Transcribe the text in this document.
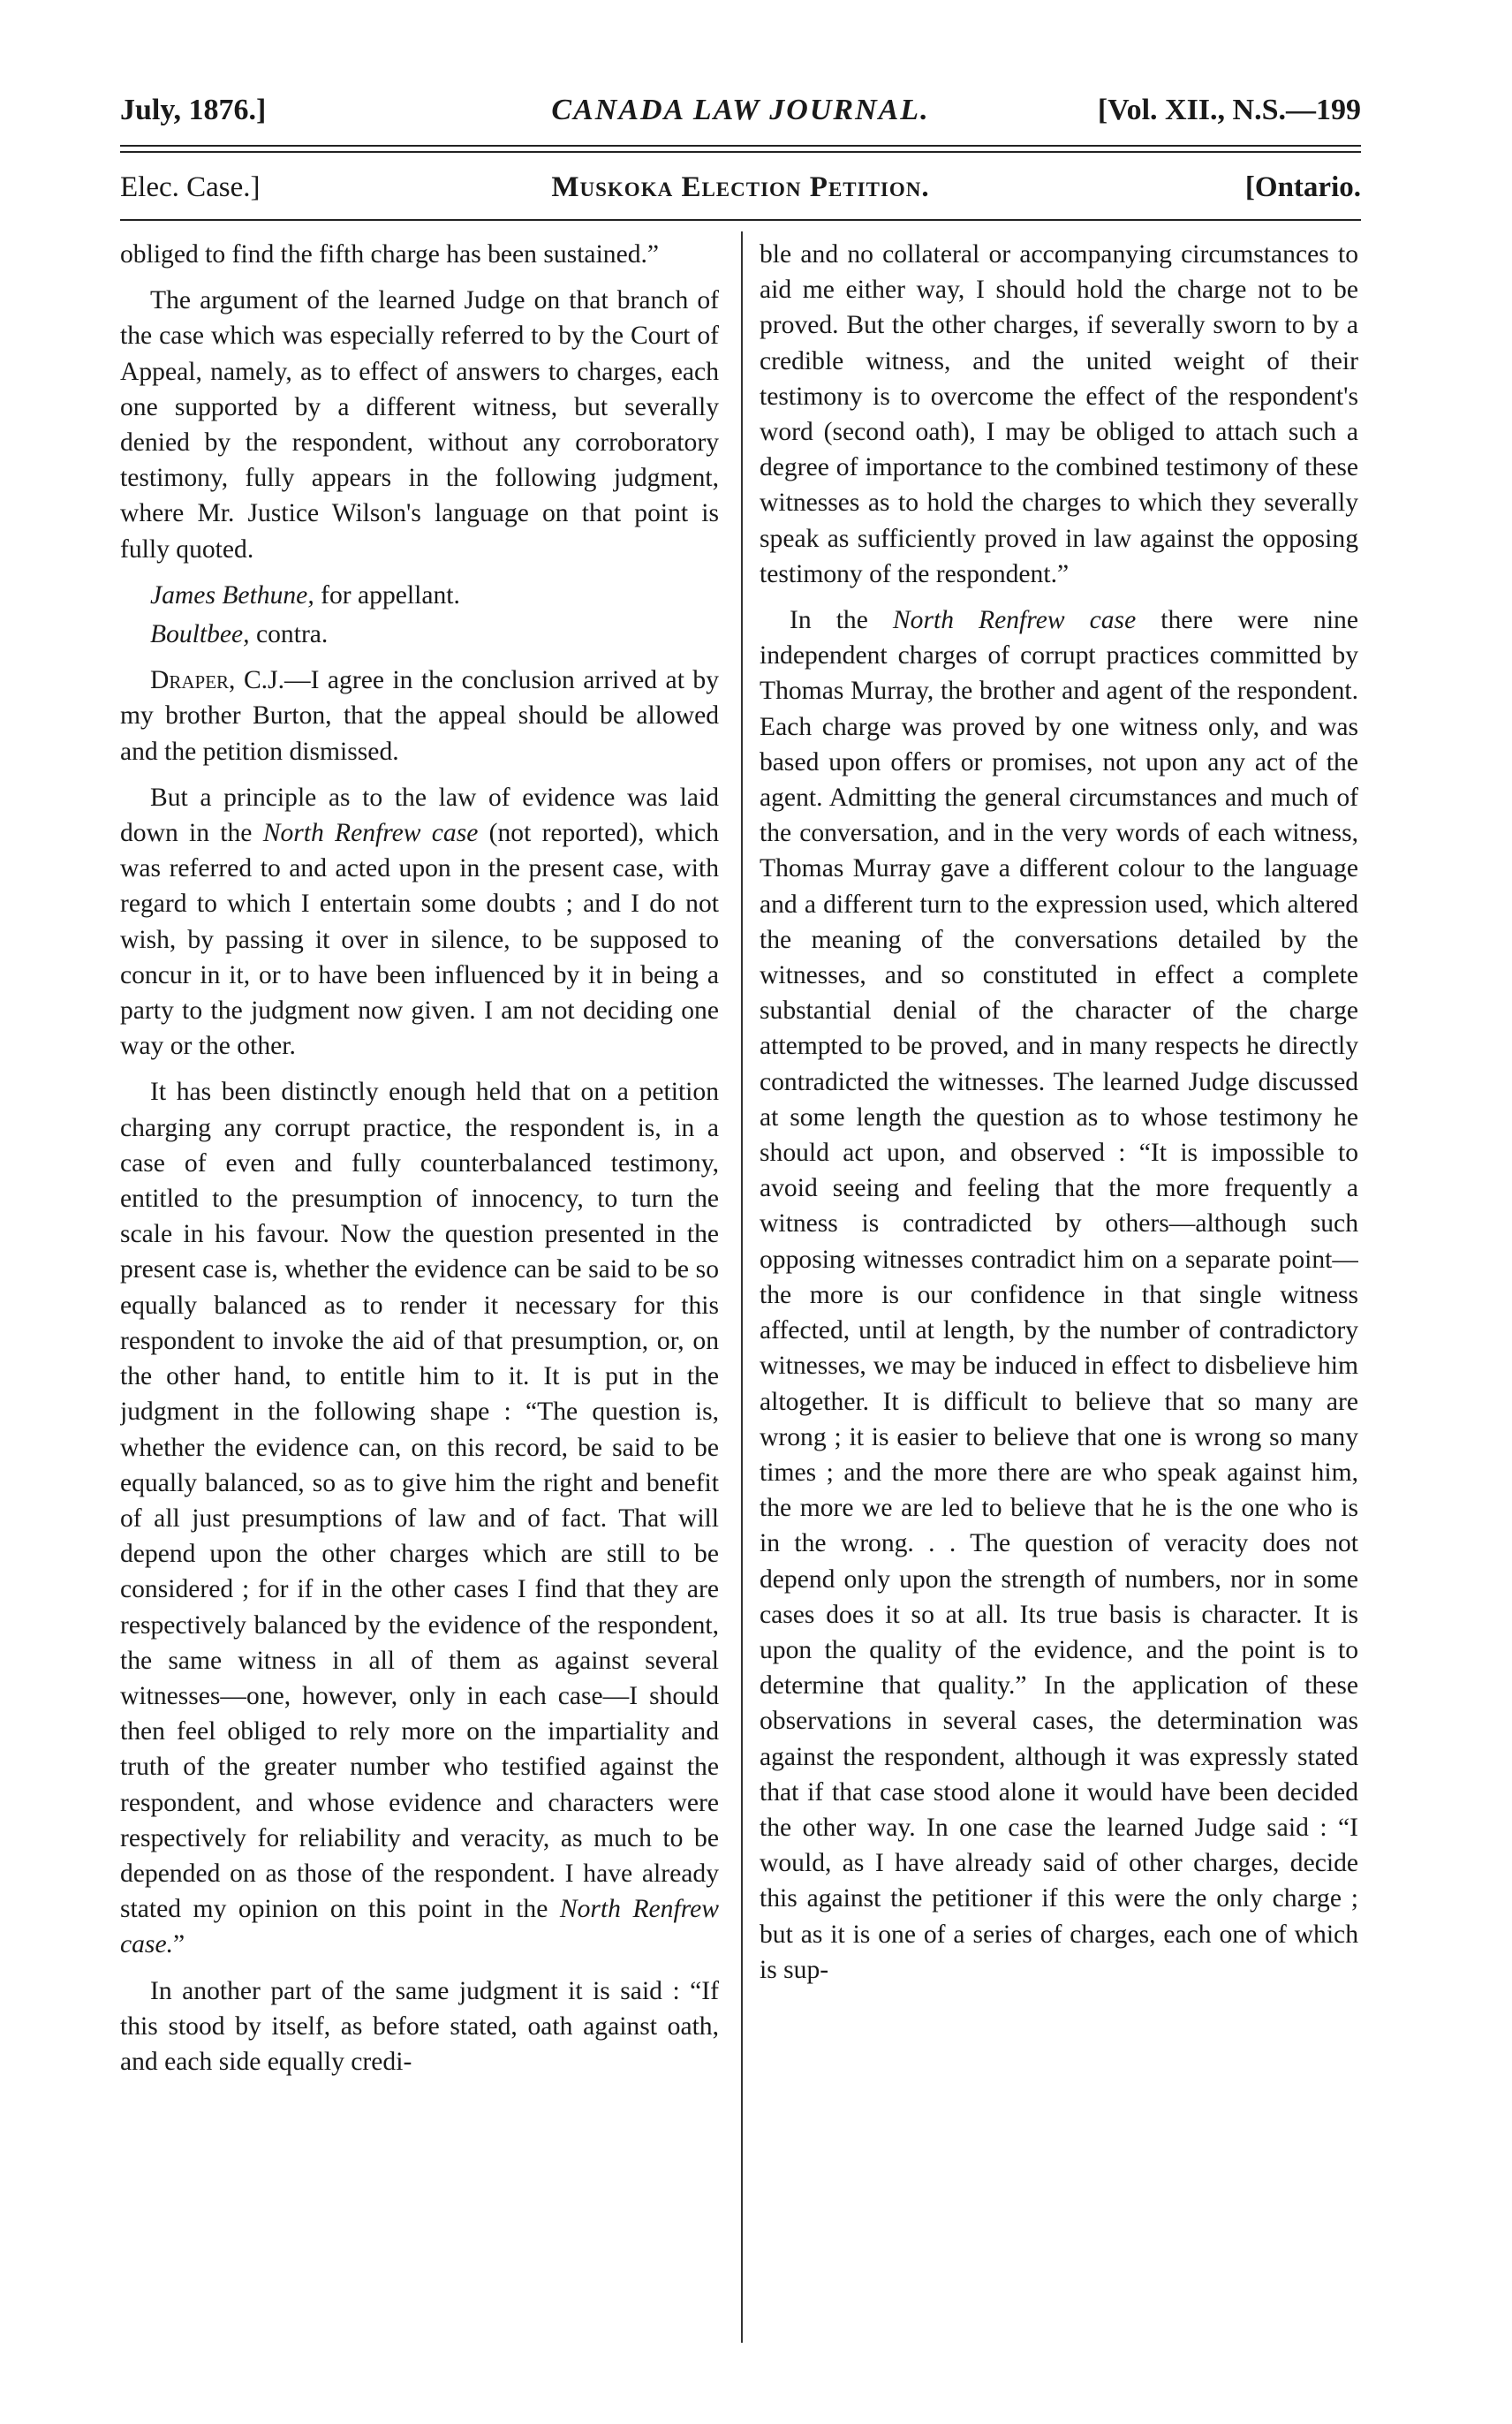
July, 1876.]	CANADA LAW JOURNAL.	[Vol. XII., N.S.—199
Elec. Case.]	Muskoka Election Petition.	[Ontario.

obliged to find the fifth charge has been sustained.”

The argument of the learned Judge on that branch of the case which was especially referred to by the Court of Appeal, namely, as to effect of answers to charges, each one supported by a different witness, but severally denied by the respondent, without any corroboratory testimony, fully appears in the following judgment, where Mr. Justice Wilson's language on that point is fully quoted.

James Bethune, for appellant.

Boultbee, contra.

Draper, C.J.—I agree in the conclusion arrived at by my brother Burton, that the appeal should be allowed and the petition dismissed.

But a principle as to the law of evidence was laid down in the North Renfrew case (not reported), which was referred to and acted upon in the present case, with regard to which I entertain some doubts ; and I do not wish, by passing it over in silence, to be supposed to concur in it, or to have been influenced by it in being a party to the judgment now given. I am not deciding one way or the other.

It has been distinctly enough held that on a petition charging any corrupt practice, the respondent is, in a case of even and fully counterbalanced testimony, entitled to the presumption of innocency, to turn the scale in his favour. Now the question presented in the present case is, whether the evidence can be said to be so equally balanced as to render it necessary for this respondent to invoke the aid of that presumption, or, on the other hand, to entitle him to it. It is put in the judgment in the following shape : “The question is, whether the evidence can, on this record, be said to be equally balanced, so as to give him the right and benefit of all just presumptions of law and of fact. That will depend upon the other charges which are still to be considered ; for if in the other cases I find that they are respectively balanced by the evidence of the respondent, the same witness in all of them as against several witnesses—one, however, only in each case—I should then feel obliged to rely more on the impartiality and truth of the greater number who testified against the respondent, and whose evidence and characters were respectively for reliability and veracity, as much to be depended on as those of the respondent. I have already stated my opinion on this point in the North Renfrew case.”

In another part of the same judgment it is said : “If this stood by itself, as before stated, oath against oath, and each side equally credi-

ble and no collateral or accompanying circumstances to aid me either way, I should hold the charge not to be proved. But the other charges, if severally sworn to by a credible witness, and the united weight of their testimony is to overcome the effect of the respondent's word (second oath), I may be obliged to attach such a degree of importance to the combined testimony of these witnesses as to hold the charges to which they severally speak as sufficiently proved in law against the opposing testimony of the respondent.”

In the North Renfrew case there were nine independent charges of corrupt practices committed by Thomas Murray, the brother and agent of the respondent. Each charge was proved by one witness only, and was based upon offers or promises, not upon any act of the agent. Admitting the general circumstances and much of the conversation, and in the very words of each witness, Thomas Murray gave a different colour to the language and a different turn to the expression used, which altered the meaning of the conversations detailed by the witnesses, and so constituted in effect a complete substantial denial of the character of the charge attempted to be proved, and in many respects he directly contradicted the witnesses. The learned Judge discussed at some length the question as to whose testimony he should act upon, and observed : “It is impossible to avoid seeing and feeling that the more frequently a witness is contradicted by others—although such opposing witnesses contradict him on a separate point—the more is our confidence in that single witness affected, until at length, by the number of contradictory witnesses, we may be induced in effect to disbelieve him altogether. It is difficult to believe that so many are wrong ; it is easier to believe that one is wrong so many times ; and the more there are who speak against him, the more we are led to believe that he is the one who is in the wrong. . . The question of veracity does not depend only upon the strength of numbers, nor in some cases does it so at all. Its true basis is character. It is upon the quality of the evidence, and the point is to determine that quality.” In the application of these observations in several cases, the determination was against the respondent, although it was expressly stated that if that case stood alone it would have been decided the other way. In one case the learned Judge said : “I would, as I have already said of other charges, decide this against the petitioner if this were the only charge ; but as it is one of a series of charges, each one of which is sup-
